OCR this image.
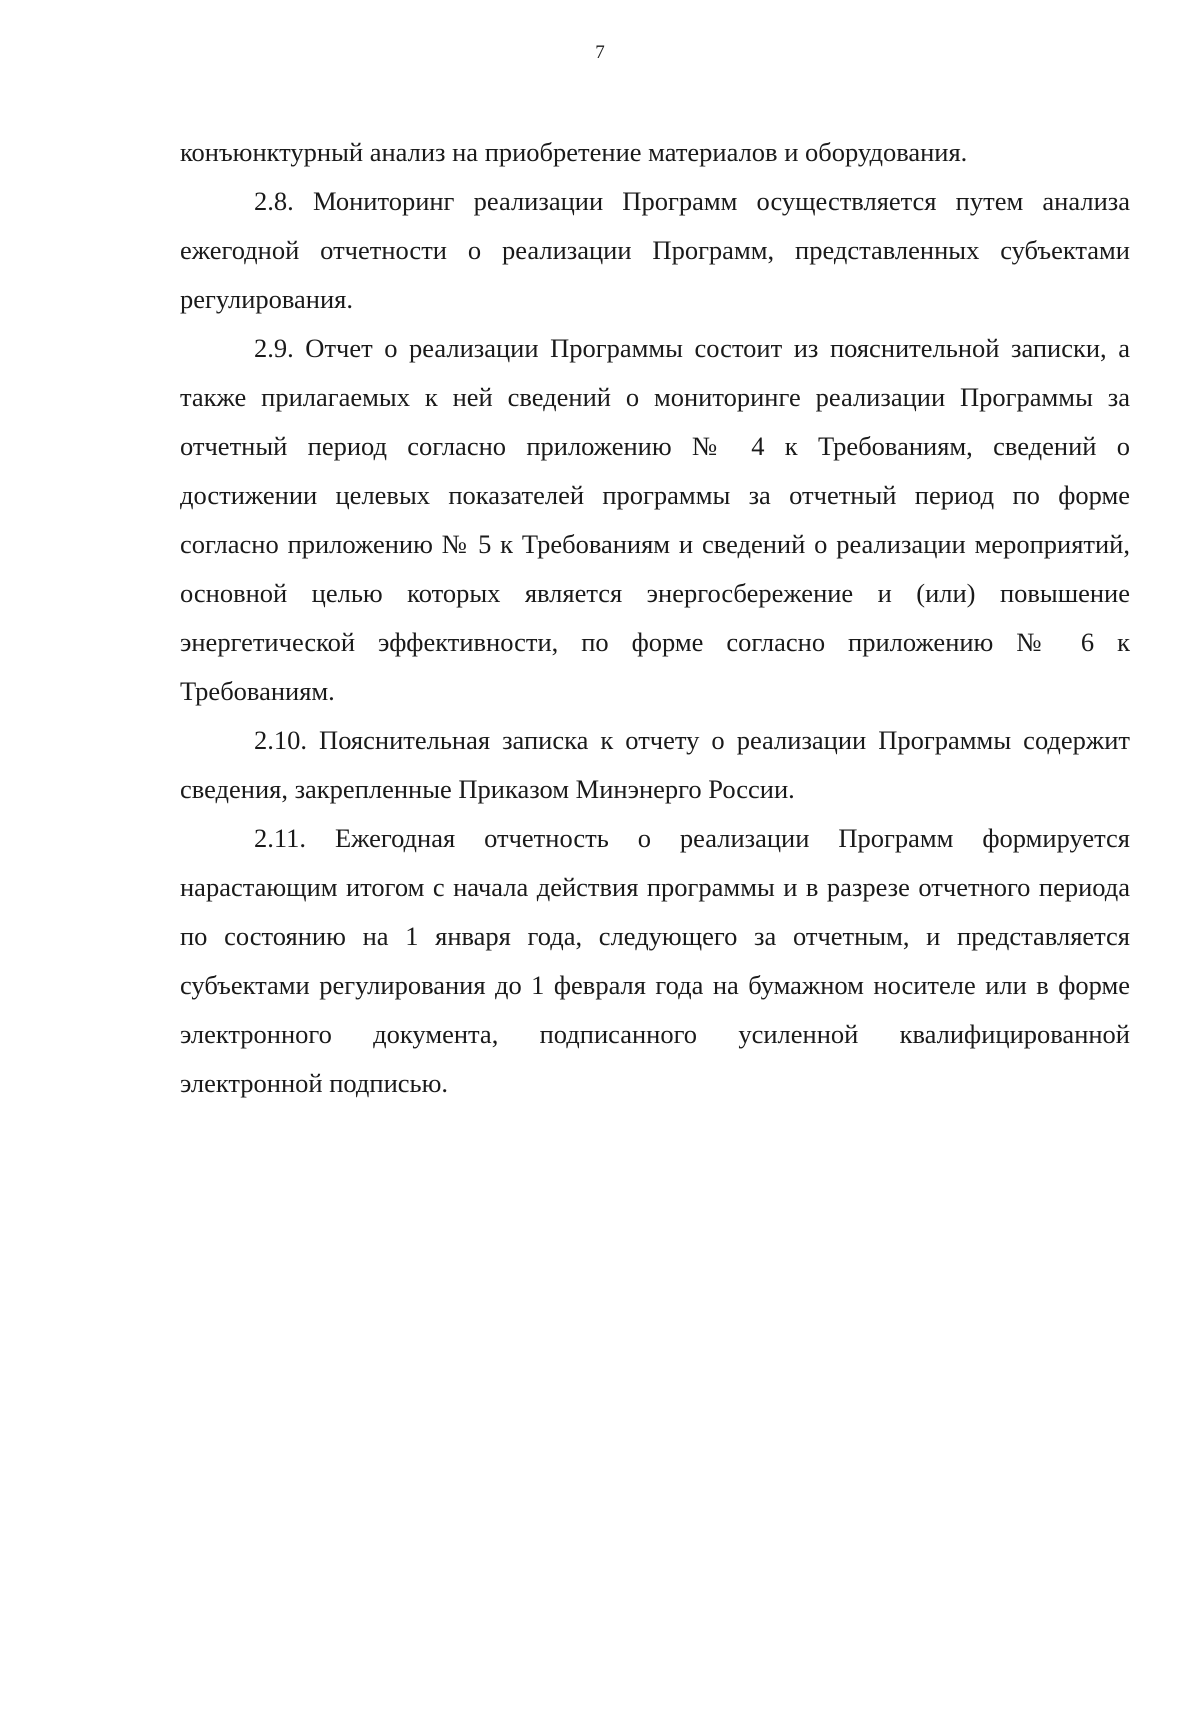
7

конъюнктурный анализ на приобретение материалов и оборудования.

2.8. Мониторинг реализации Программ осуществляется путем анализа ежегодной отчетности о реализации Программ, представленных субъектами регулирования.

2.9. Отчет о реализации Программы состоит из пояснительной записки, а также прилагаемых к ней сведений о мониторинге реализации Программы за отчетный период согласно приложению № 4 к Требованиям, сведений о достижении целевых показателей программы за отчетный период по форме согласно приложению № 5 к Требованиям и сведений о реализации мероприятий, основной целью которых является энергосбережение и (или) повышение энергетической эффективности, по форме согласно приложению № 6 к Требованиям.

2.10. Пояснительная записка к отчету о реализации Программы содержит сведения, закрепленные Приказом Минэнерго России.

2.11. Ежегодная отчетность о реализации Программ формируется нарастающим итогом с начала действия программы и в разрезе отчетного периода по состоянию на 1 января года, следующего за отчетным, и представляется субъектами регулирования до 1 февраля года на бумажном носителе или в форме электронного документа, подписанного усиленной квалифицированной электронной подписью.
